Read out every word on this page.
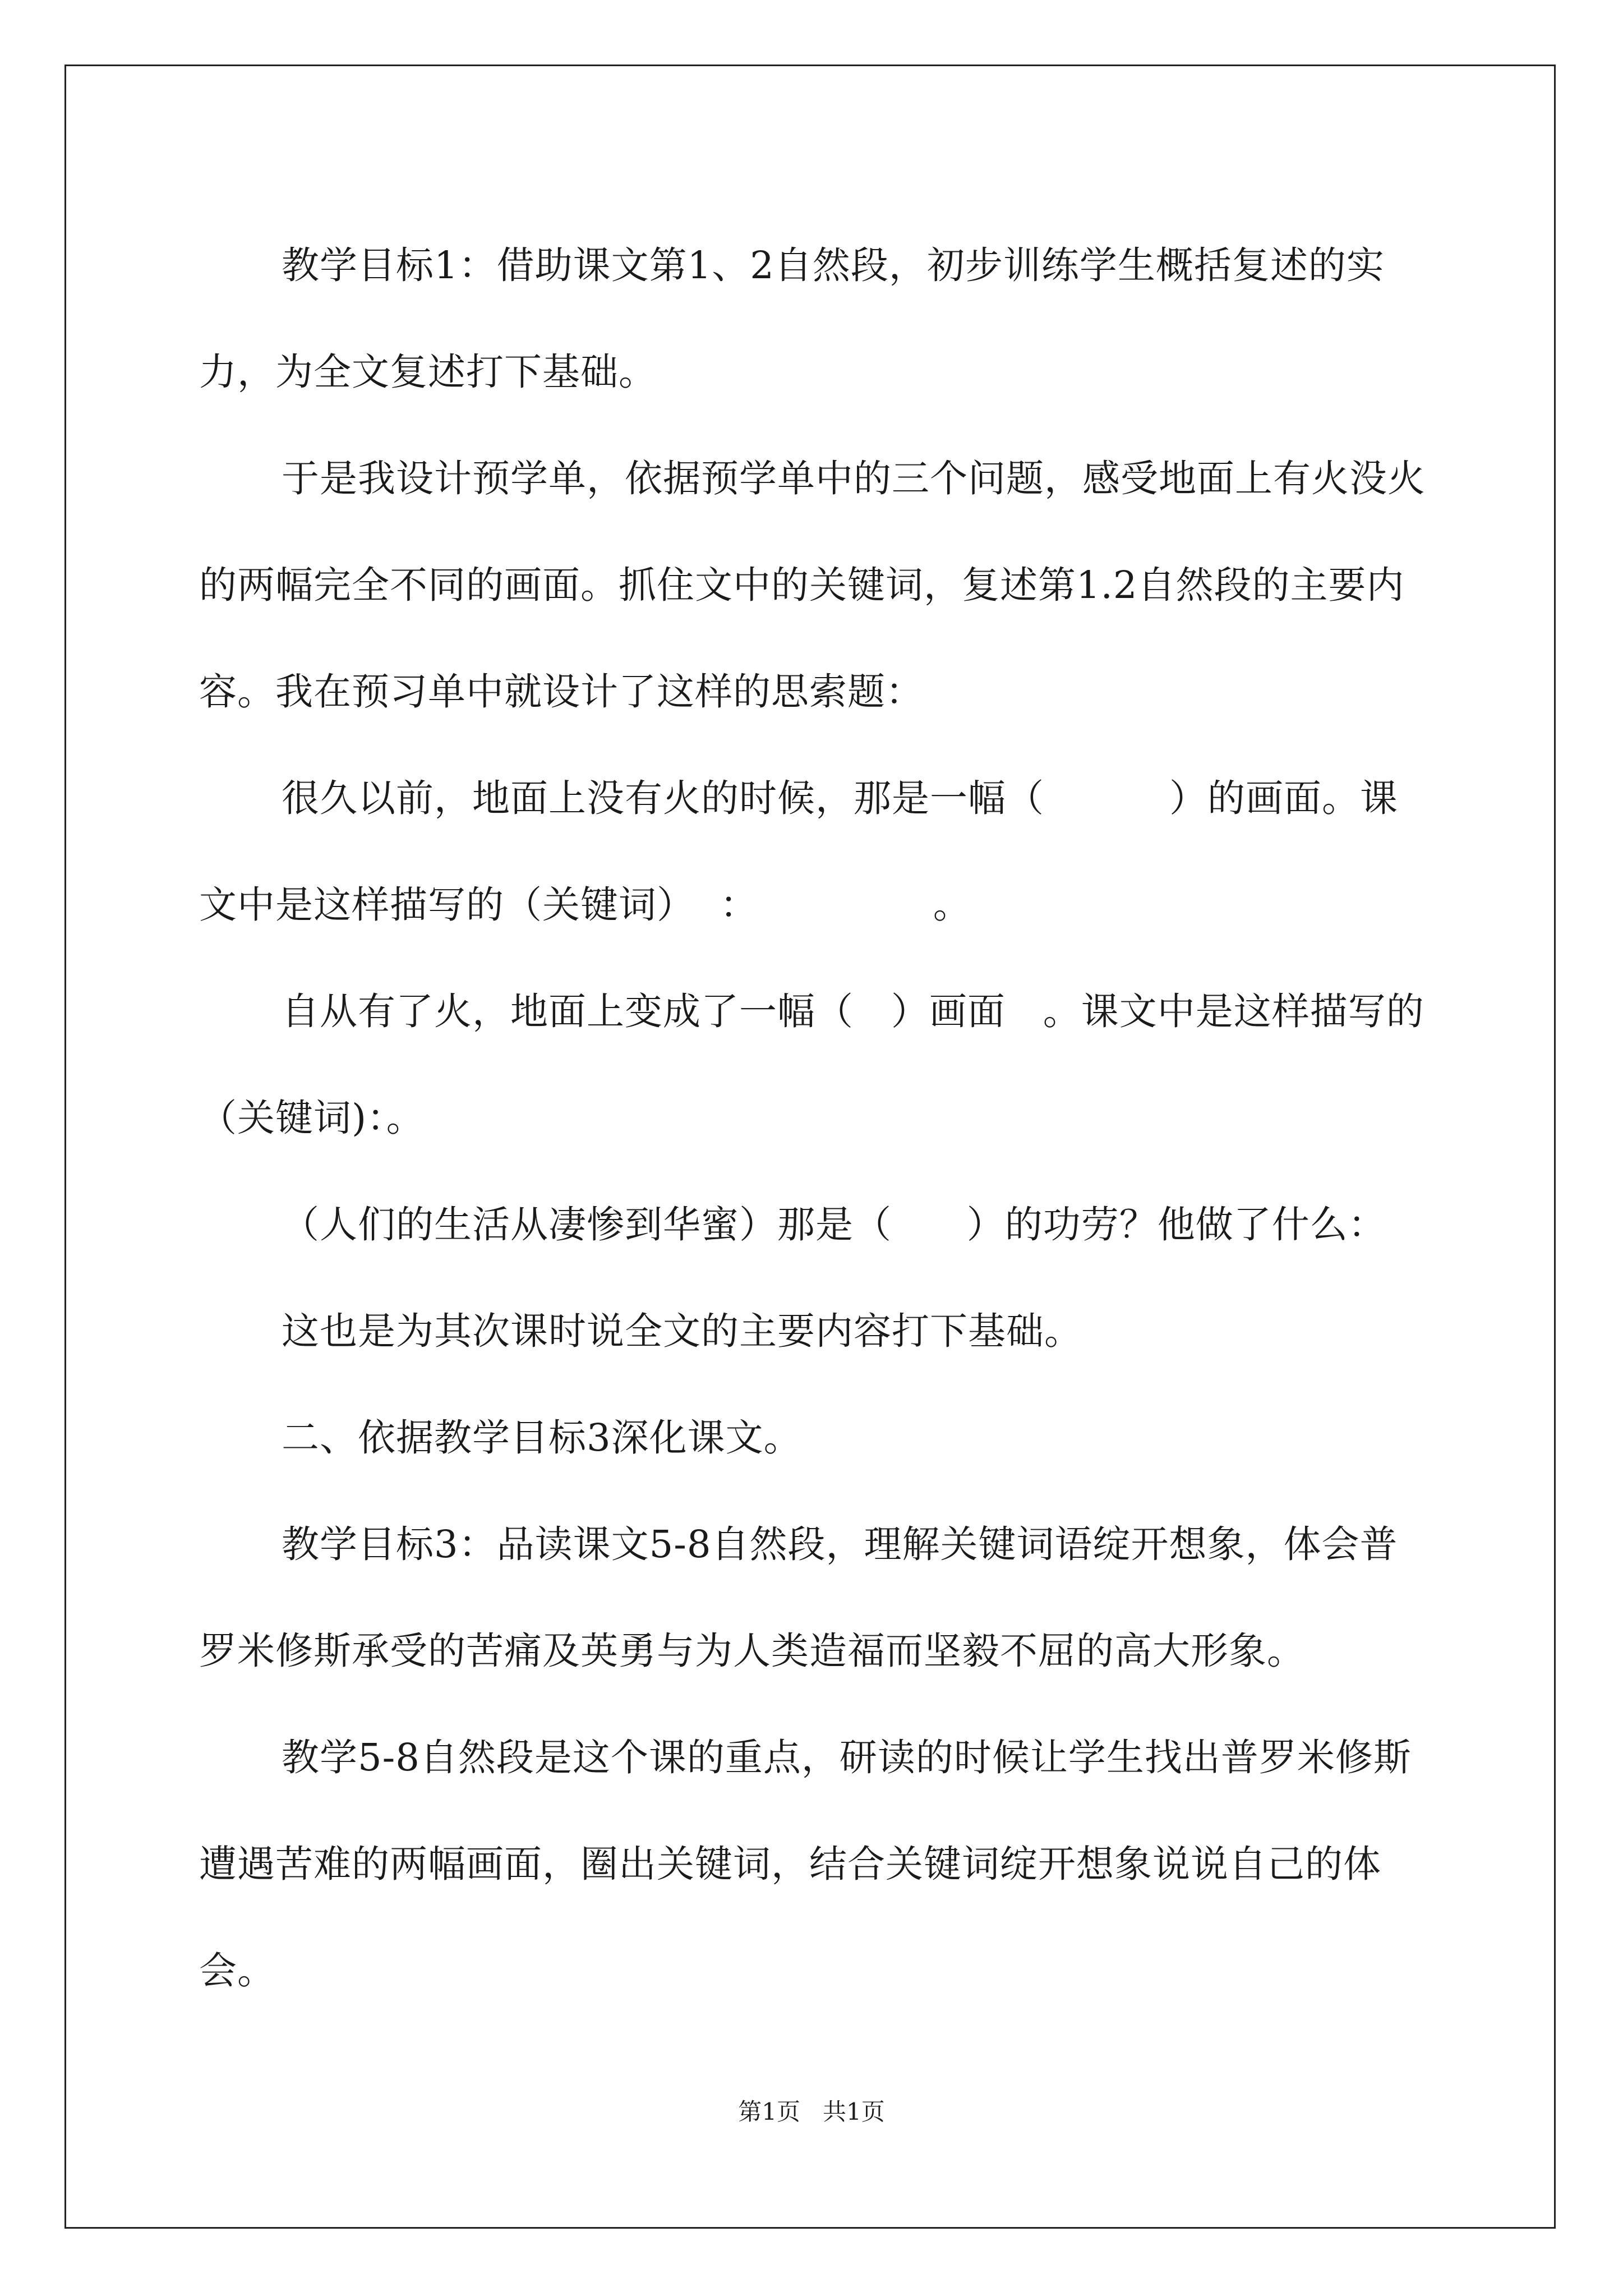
教学目标1：借助课文第1、2自然段，初步训练学生概括复述的实力，为全文复述打下基础。

于是我设计预学单，依据预学单中的三个问题，感受地面上有火没火的两幅完全不同的画面。抓住文中的关键词，复述第1.2自然段的主要内容。我在预习单中就设计了这样的思索题：

很久以前，地面上没有火的时候，那是一幅（          ）的画面。课文中是这样描写的（关键词）  ：              。

自从有了火，地面上变成了一幅（   ）画面   。课文中是这样描写的（关键词)：。

（人们的生活从凄惨到华蜜）那是（      ）的功劳？他做了什么：

这也是为其次课时说全文的主要内容打下基础。

二、依据教学目标3深化课文。

教学目标3：品读课文5-8自然段，理解关键词语绽开想象，体会普罗米修斯承受的苦痛及英勇与为人类造福而坚毅不屈的高大形象。

教学5-8自然段是这个课的重点，研读的时候让学生找出普罗米修斯遭遇苦难的两幅画面，圈出关键词，结合关键词绽开想象说说自己的体会。

第1页   共1页
